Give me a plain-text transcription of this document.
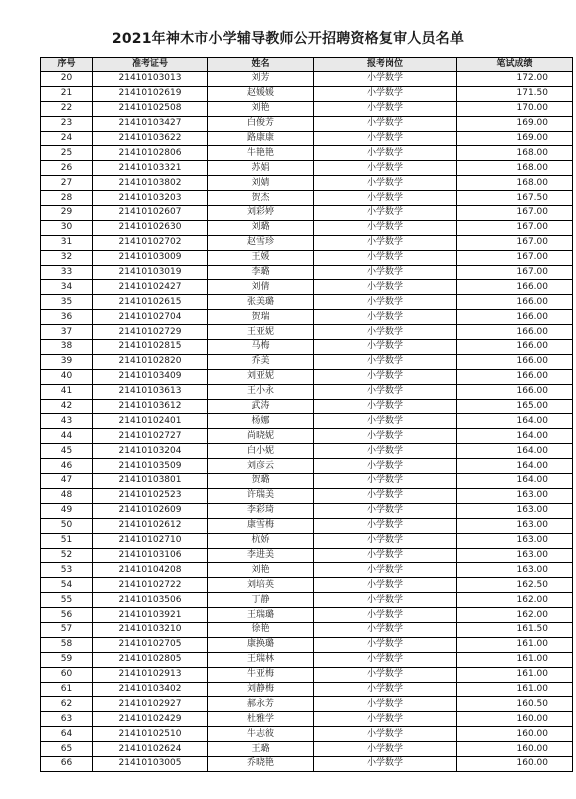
2021年神木市小学辅导教师公开招聘资格复审人员名单
序号	准考证号	姓名	报考岗位	笔试成绩
20	21410103013	刘芳	小学数学	172.00
21	21410102619	赵媛媛	小学数学	171.50
22	21410102508	刘艳	小学数学	170.00
23	21410103427	白俊芳	小学数学	169.00
24	21410103622	路康康	小学数学	169.00
25	21410102806	牛艳艳	小学数学	168.00
26	21410103321	苏娟	小学数学	168.00
27	21410103802	刘婧	小学数学	168.00
28	21410103203	贺杰	小学数学	167.50
29	21410102607	刘彩婷	小学数学	167.00
30	21410102630	刘璐	小学数学	167.00
31	21410102702	赵雪珍	小学数学	167.00
32	21410103009	王媛	小学数学	167.00
33	21410103019	李璐	小学数学	167.00
34	21410102427	刘倩	小学数学	166.00
35	21410102615	张美璐	小学数学	166.00
36	21410102704	贺瑞	小学数学	166.00
37	21410102729	王亚妮	小学数学	166.00
38	21410102815	马梅	小学数学	166.00
39	21410102820	乔美	小学数学	166.00
40	21410103409	刘亚妮	小学数学	166.00
41	21410103613	王小永	小学数学	166.00
42	21410103612	武涛	小学数学	165.00
43	21410102401	杨娜	小学数学	164.00
44	21410102727	尚晓妮	小学数学	164.00
45	21410103204	白小妮	小学数学	164.00
46	21410103509	刘彦云	小学数学	164.00
47	21410103801	贺璐	小学数学	164.00
48	21410102523	许瑞美	小学数学	163.00
49	21410102609	李彩琦	小学数学	163.00
50	21410102612	康雪梅	小学数学	163.00
51	21410102710	杭娇	小学数学	163.00
52	21410103106	李进美	小学数学	163.00
53	21410104208	刘艳	小学数学	163.00
54	21410102722	刘培英	小学数学	162.50
55	21410103506	丁静	小学数学	162.00
56	21410103921	王瑞璐	小学数学	162.00
57	21410103210	徐艳	小学数学	161.50
58	21410102705	康换璐	小学数学	161.00
59	21410102805	王瑞林	小学数学	161.00
60	21410102913	牛亚梅	小学数学	161.00
61	21410103402	刘静梅	小学数学	161.00
62	21410102927	郝永芳	小学数学	160.50
63	21410102429	杜雅学	小学数学	160.00
64	21410102510	牛志彼	小学数学	160.00
65	21410102624	王璐	小学数学	160.00
66	21410103005	乔晓艳	小学数学	160.00
